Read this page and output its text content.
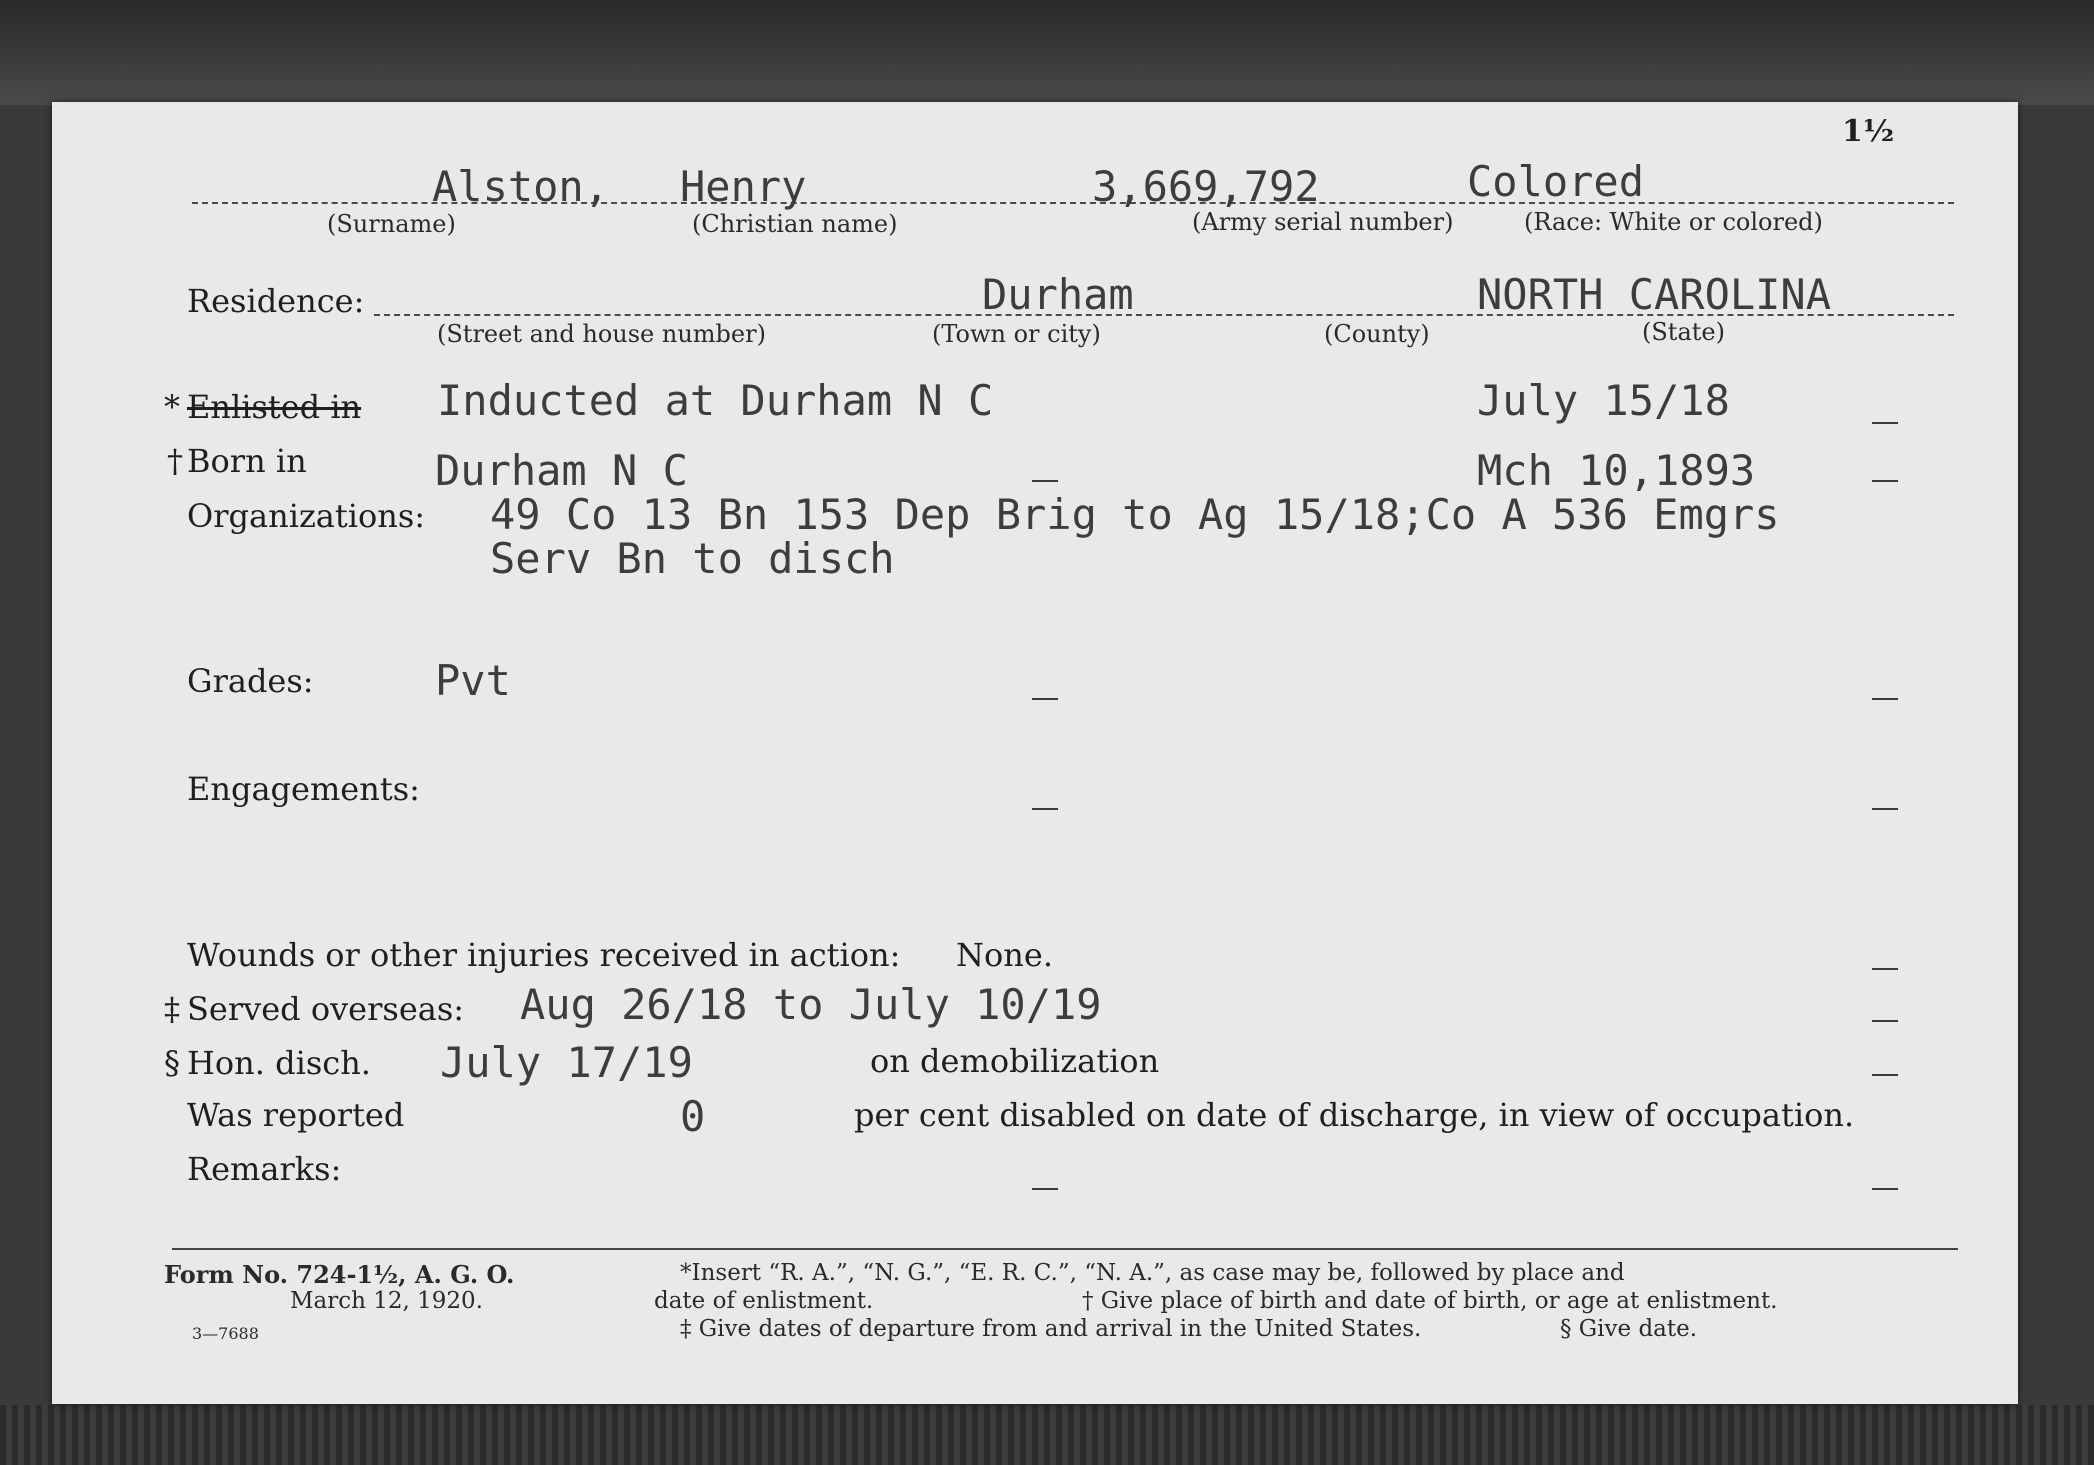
1½
Alston, Henry	3,669,792	Colored
(Surname)	(Christian name)	(Army serial number)	(Race: White or colored)
Residence:	Durham	NORTH CAROLINA
(Street and house number)	(Town or city)	(County)	(State)
* Enlisted in Inducted at Durham N C	July 15/18
† Born in	Durham N C	Mch 10,1893
Organizations: 49 Co 13 Bn 153 Dep Brig to Ag 15/18;Co A 536 Emgrs
Serv Bn to disch
Grades:	Pvt
Engagements:
Wounds or other injuries received in action: None.
‡ Served overseas: Aug 26/18 to July 10/19
§ Hon. disch. July 17/19	on demobilization
Was reported	0	per cent disabled on date of discharge, in view of occupation.
Remarks:
Form No. 724-1½, A. G. O.
March 12, 1920.
3—7688
*Insert “R. A.”, “N. G.”, “E. R. C.”, “N. A.”, as case may be, followed by place and
date of enlistment.	† Give place of birth and date of birth, or age at enlistment.
‡ Give dates of departure from and arrival in the United States.	§ Give date.
